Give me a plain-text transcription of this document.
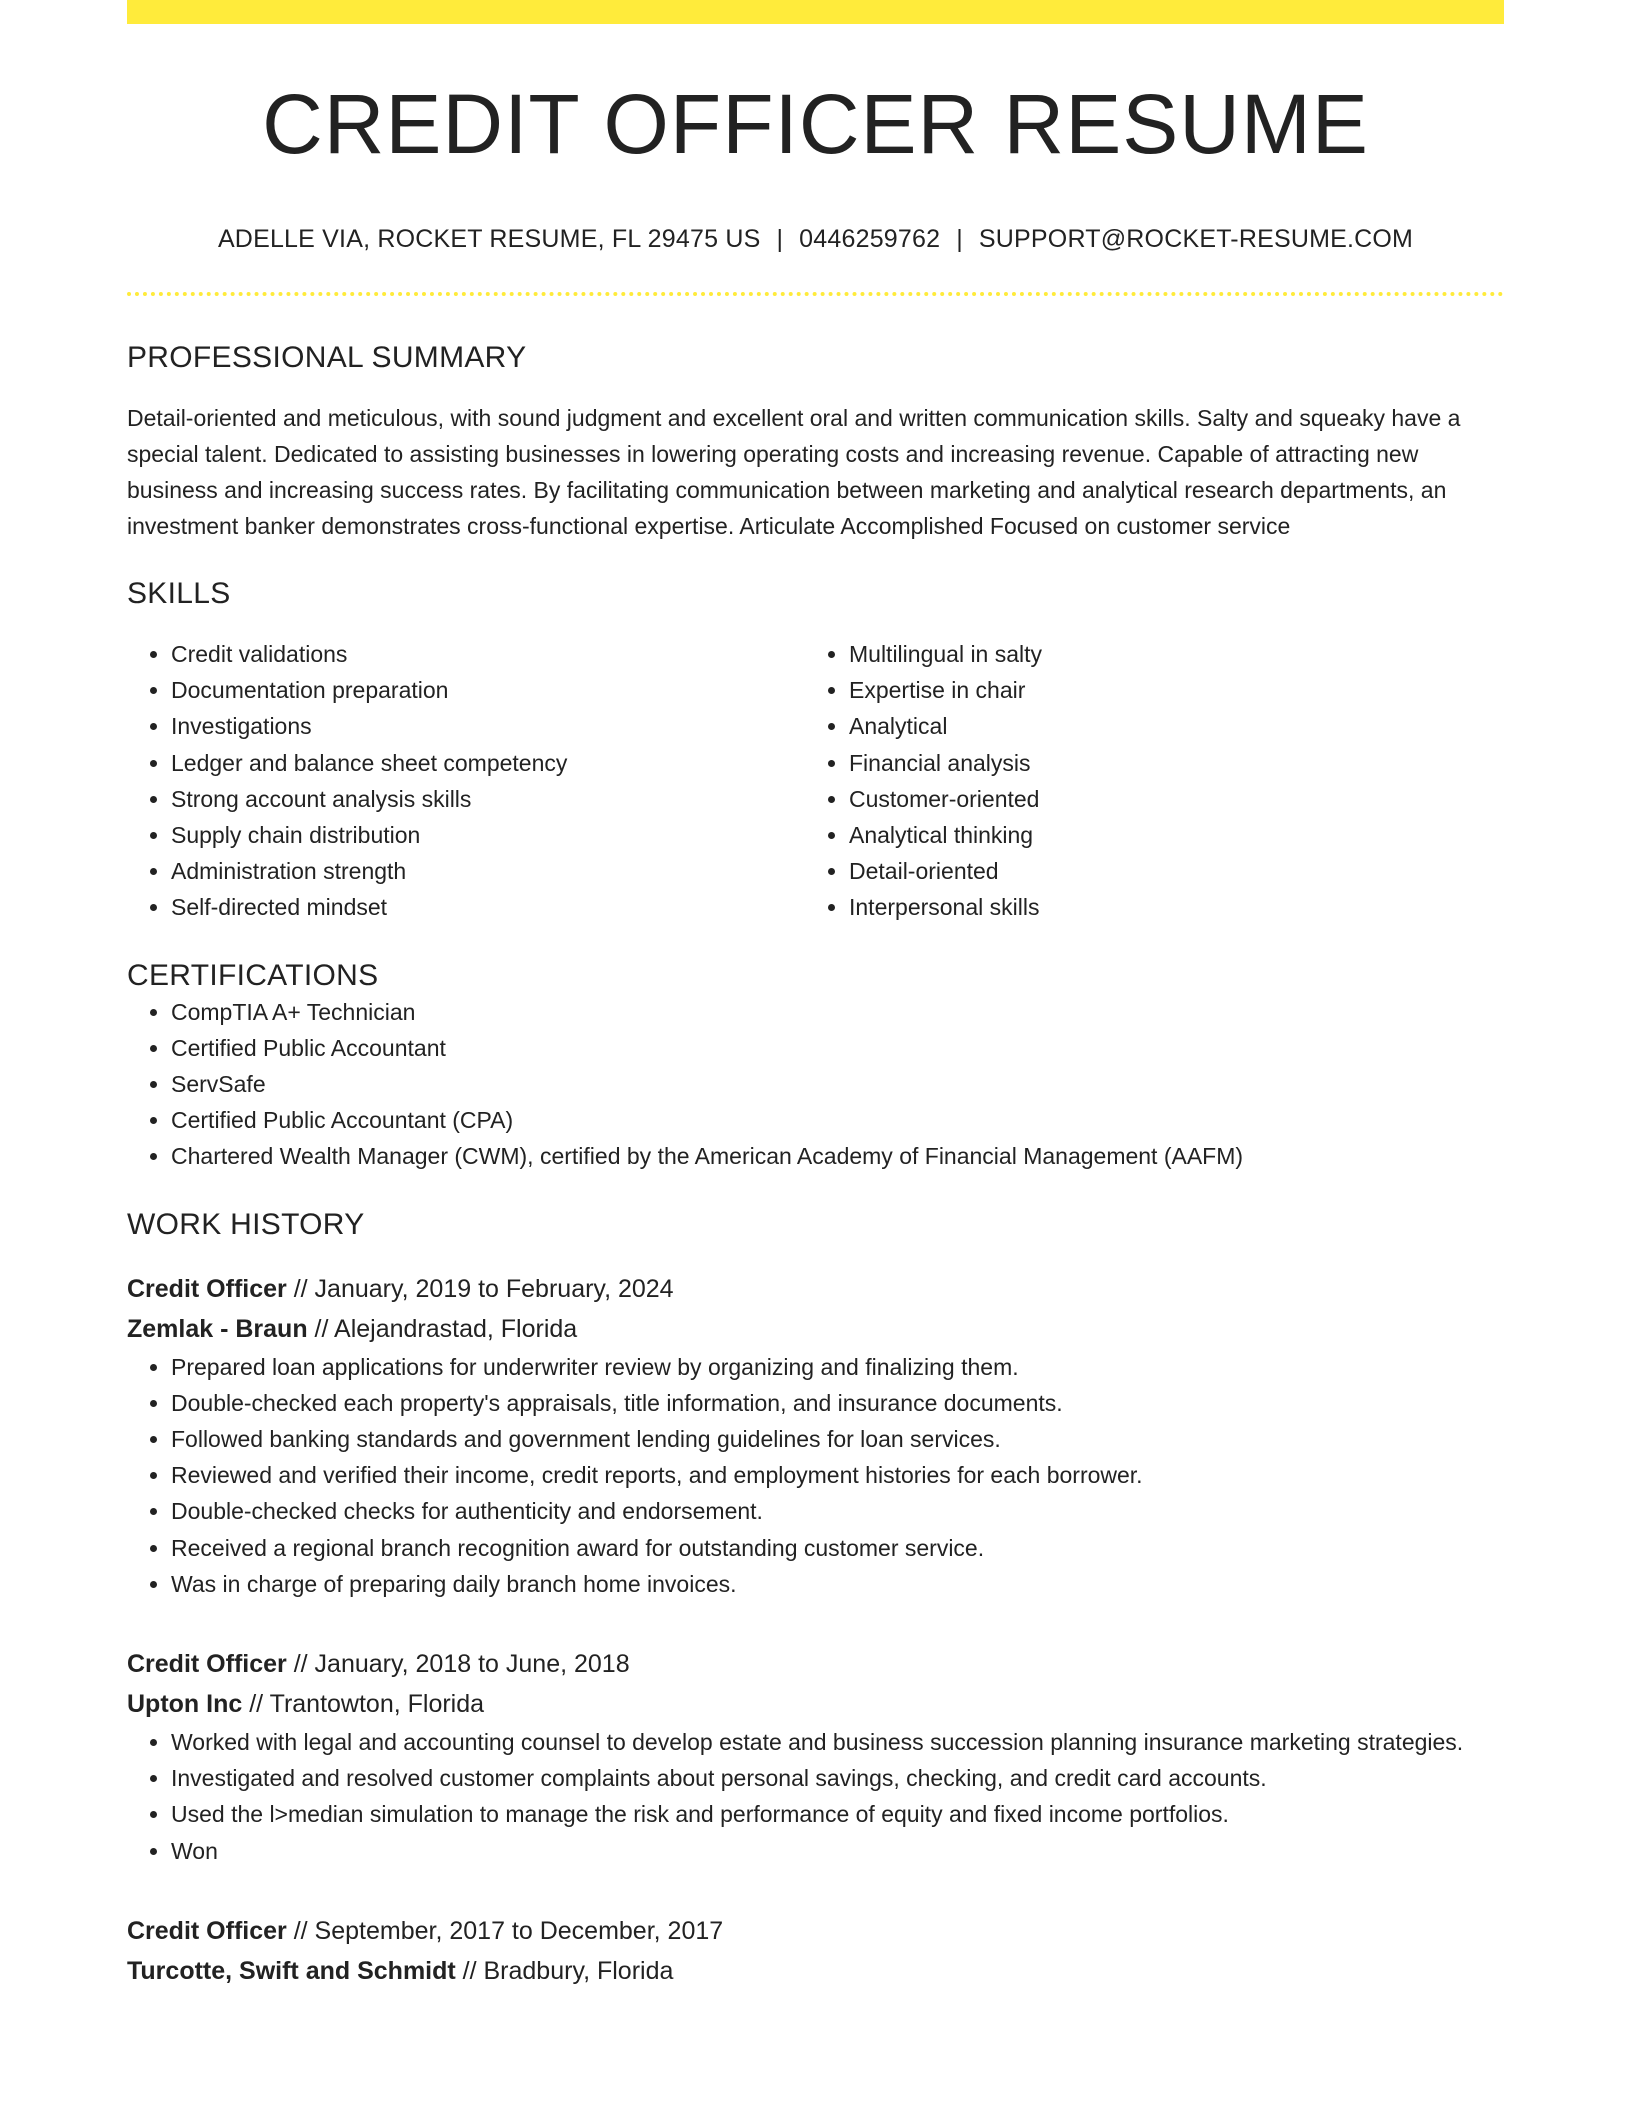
CREDIT OFFICER RESUME
ADELLE VIA, ROCKET RESUME, FL 29475 US | 0446259762 | SUPPORT@ROCKET-RESUME.COM
PROFESSIONAL SUMMARY
Detail-oriented and meticulous, with sound judgment and excellent oral and written communication skills. Salty and squeaky have a special talent. Dedicated to assisting businesses in lowering operating costs and increasing revenue. Capable of attracting new business and increasing success rates. By facilitating communication between marketing and analytical research departments, an investment banker demonstrates cross-functional expertise. Articulate Accomplished Focused on customer service
SKILLS
• Credit validations
• Documentation preparation
• Investigations
• Ledger and balance sheet competency
• Strong account analysis skills
• Supply chain distribution
• Administration strength
• Self-directed mindset
• Multilingual in salty
• Expertise in chair
• Analytical
• Financial analysis
• Customer-oriented
• Analytical thinking
• Detail-oriented
• Interpersonal skills
CERTIFICATIONS
• CompTIA A+ Technician
• Certified Public Accountant
• ServSafe
• Certified Public Accountant (CPA)
• Chartered Wealth Manager (CWM), certified by the American Academy of Financial Management (AAFM)
WORK HISTORY
Credit Officer // January, 2019 to February, 2024
Zemlak - Braun // Alejandrastad, Florida
• Prepared loan applications for underwriter review by organizing and finalizing them.
• Double-checked each property's appraisals, title information, and insurance documents.
• Followed banking standards and government lending guidelines for loan services.
• Reviewed and verified their income, credit reports, and employment histories for each borrower.
• Double-checked checks for authenticity and endorsement.
• Received a regional branch recognition award for outstanding customer service.
• Was in charge of preparing daily branch home invoices.
Credit Officer // January, 2018 to June, 2018
Upton Inc // Trantowton, Florida
• Worked with legal and accounting counsel to develop estate and business succession planning insurance marketing strategies.
• Investigated and resolved customer complaints about personal savings, checking, and credit card accounts.
• Used the l>median simulation to manage the risk and performance of equity and fixed income portfolios.
• Won
Credit Officer // September, 2017 to December, 2017
Turcotte, Swift and Schmidt // Bradbury, Florida
